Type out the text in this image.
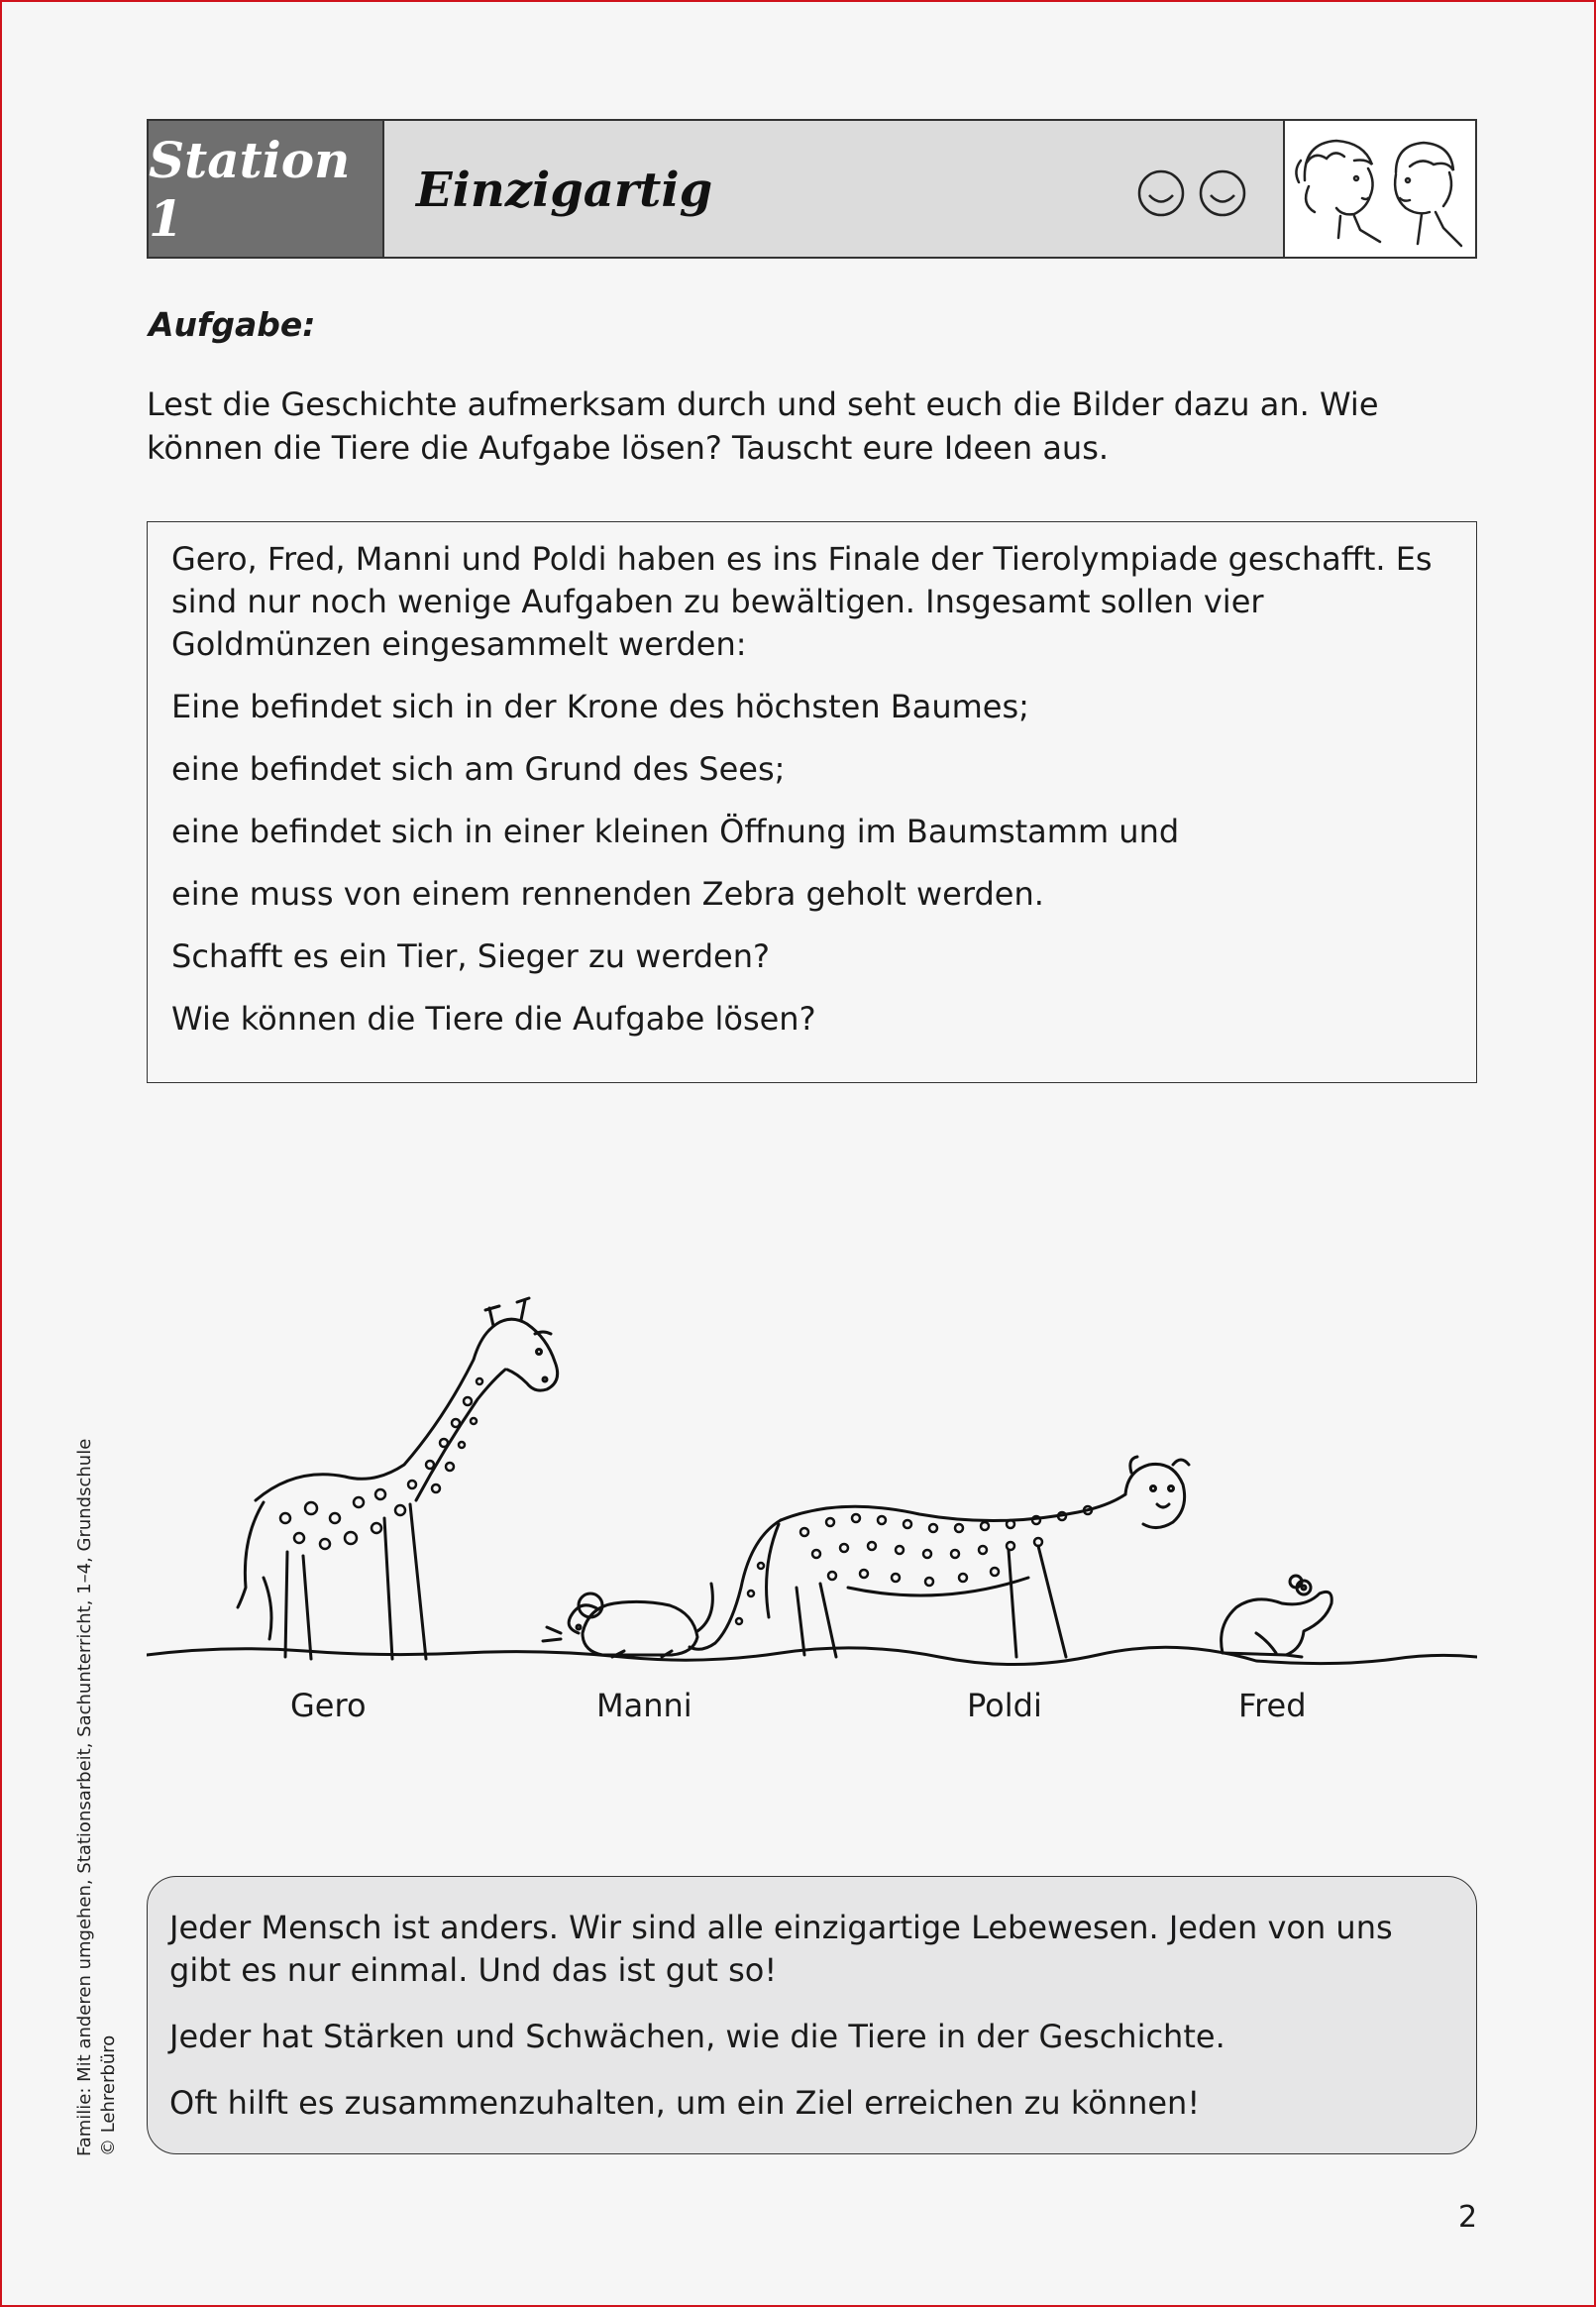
Station 1	Einzigartig
Aufgabe:
Lest die Geschichte aufmerksam durch und seht euch die Bilder dazu an. Wie können die Tiere die Aufgabe lösen? Tauscht eure Ideen aus.

Gero, Fred, Manni und Poldi haben es ins Finale der Tierolympiade geschafft. Es sind nur noch wenige Aufgaben zu bewältigen. Insgesamt sollen vier Goldmünzen eingesammelt werden:

Eine befindet sich in der Krone des höchsten Baumes;

eine befindet sich am Grund des Sees;

eine befindet sich in einer kleinen Öffnung im Baumstamm und

eine muss von einem rennenden Zebra geholt werden.

Schafft es ein Tier, Sieger zu werden?

Wie können die Tiere die Aufgabe lösen?

Gero	Manni	Poldi	Fred

Jeder Mensch ist anders. Wir sind alle einzigartige Lebewesen. Jeden von uns gibt es nur einmal. Und das ist gut so!

Jeder hat Stärken und Schwächen, wie die Tiere in der Geschichte.

Oft hilft es zusammenzuhalten, um ein Ziel erreichen zu können!

Familie: Mit anderen umgehen, Stationsarbeit, Sachunterricht, 1–4, Grundschule © Lehrerbüro
2
